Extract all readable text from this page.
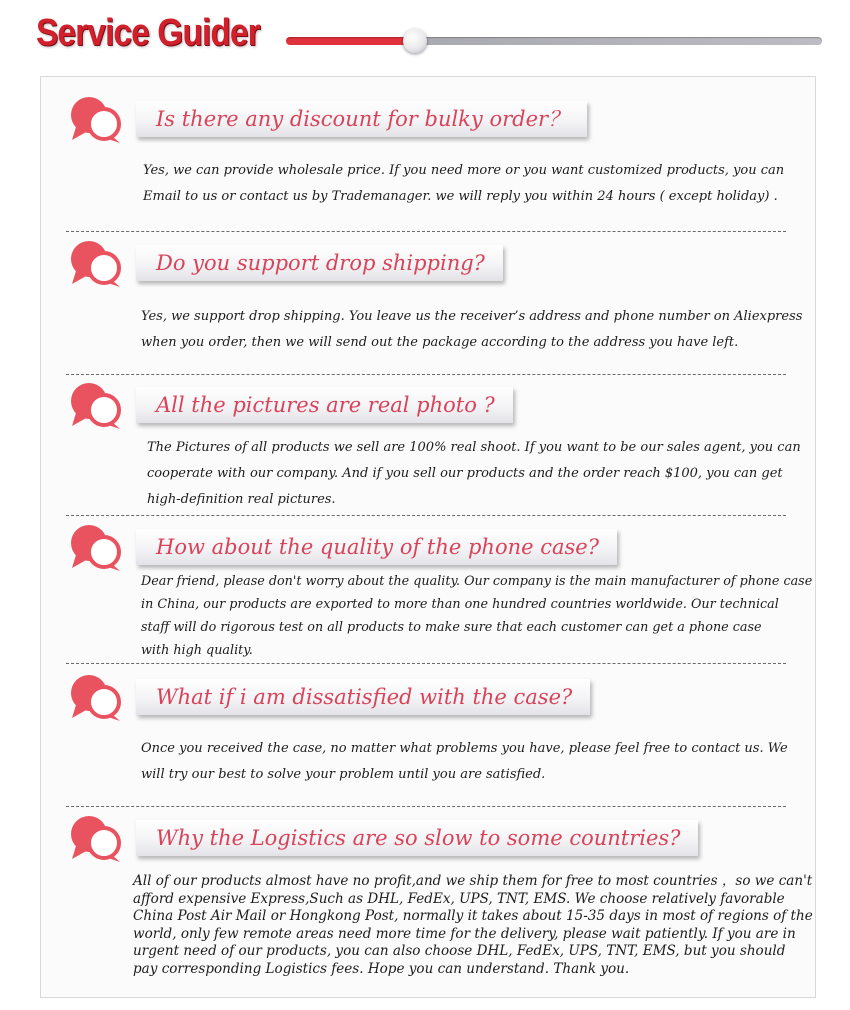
Service Guider
Is there any discount for bulky order？
Yes, we can provide wholesale price. If you need more or you want customized products, you can
Email to us or contact us by Trademanager. we will reply you within 24 hours ( except holiday) .
Do you support drop shipping?
Yes, we support drop shipping. You leave us the receiver’s address and phone number on Aliexpress
when you order, then we will send out the package according to the address you have left.
All the pictures are real photo ?
The Pictures of all products we sell are 100% real shoot. If you want to be our sales agent, you can
cooperate with our company. And if you sell our products and the order reach $100, you can get
high-definition real pictures.
How about the quality of the phone case?
Dear friend, please don't worry about the quality. Our company is the main manufacturer of phone case
in China, our products are exported to more than one hundred countries worldwide. Our technical
staff will do rigorous test on all products to make sure that each customer can get a phone case
with high quality.
What if i am dissatisfied with the case?
Once you received the case, no matter what problems you have, please feel free to contact us. We
will try our best to solve your problem until you are satisfied.
Why the Logistics are so slow to some countries?
All of our products almost have no profit,and we ship them for free to most countries ，so we can't
afford expensive Express,Such as DHL, FedEx, UPS, TNT, EMS. We choose relatively favorable
China Post Air Mail or Hongkong Post, normally it takes about 15-35 days in most of regions of the
world, only few remote areas need more time for the delivery, please wait patiently. If you are in
urgent need of our products, you can also choose DHL, FedEx, UPS, TNT, EMS, but you should
pay corresponding Logistics fees. Hope you can understand. Thank you.
